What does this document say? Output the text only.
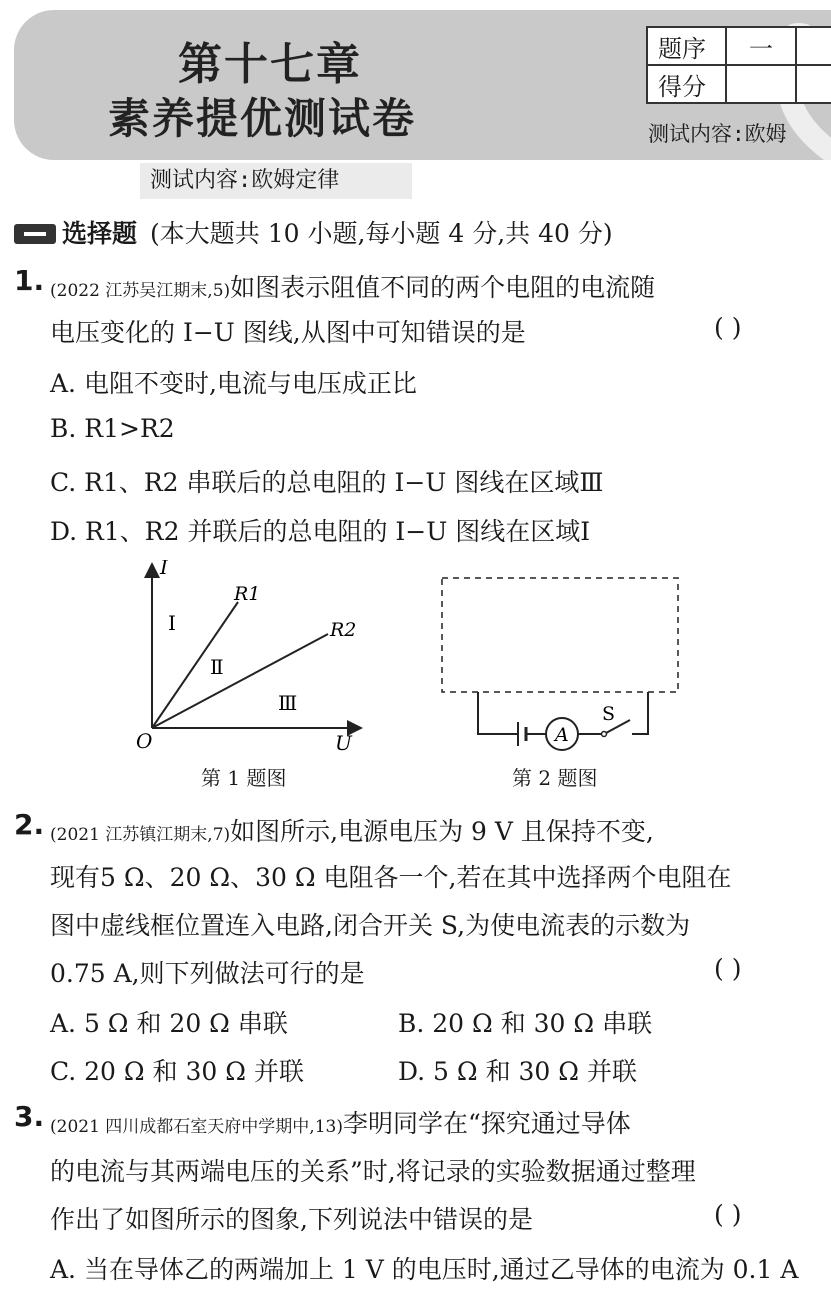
第十七章
素养提优测试卷
题序	一	
得分		
测试内容:欧姆
测试内容:欧姆定律
选择题 (本大题共 10 小题,每小题 4 分,共 40 分)
1. (2022 江苏吴江期末,5)如图表示阻值不同的两个电阻的电流随
电压变化的 I−U 图线,从图中可知错误的是	( )
A. 电阻不变时,电流与电压成正比
B. R1>R2
C. R1、R2 串联后的总电阻的 I−U 图线在区域Ⅲ
D. R1、R2 并联后的总电阻的 I−U 图线在区域Ⅰ
I
U
O
R1
R2
Ⅰ
Ⅱ
Ⅲ
第 1 题图
A
S
第 2 题图
2. (2021 江苏镇江期末,7)如图所示,电源电压为 9 V 且保持不变,
现有5 Ω、20 Ω、30 Ω 电阻各一个,若在其中选择两个电阻在
图中虚线框位置连入电路,闭合开关 S,为使电流表的示数为
0.75 A,则下列做法可行的是	( )
A. 5 Ω 和 20 Ω 串联	B. 20 Ω 和 30 Ω 串联
C. 20 Ω 和 30 Ω 并联	D. 5 Ω 和 30 Ω 并联
3. (2021 四川成都石室天府中学期中,13)李明同学在“探究通过导体
的电流与其两端电压的关系”时,将记录的实验数据通过整理
作出了如图所示的图象,下列说法中错误的是	( )
A. 当在导体乙的两端加上 1 V 的电压时,通过乙导体的电流为 0.1 A
